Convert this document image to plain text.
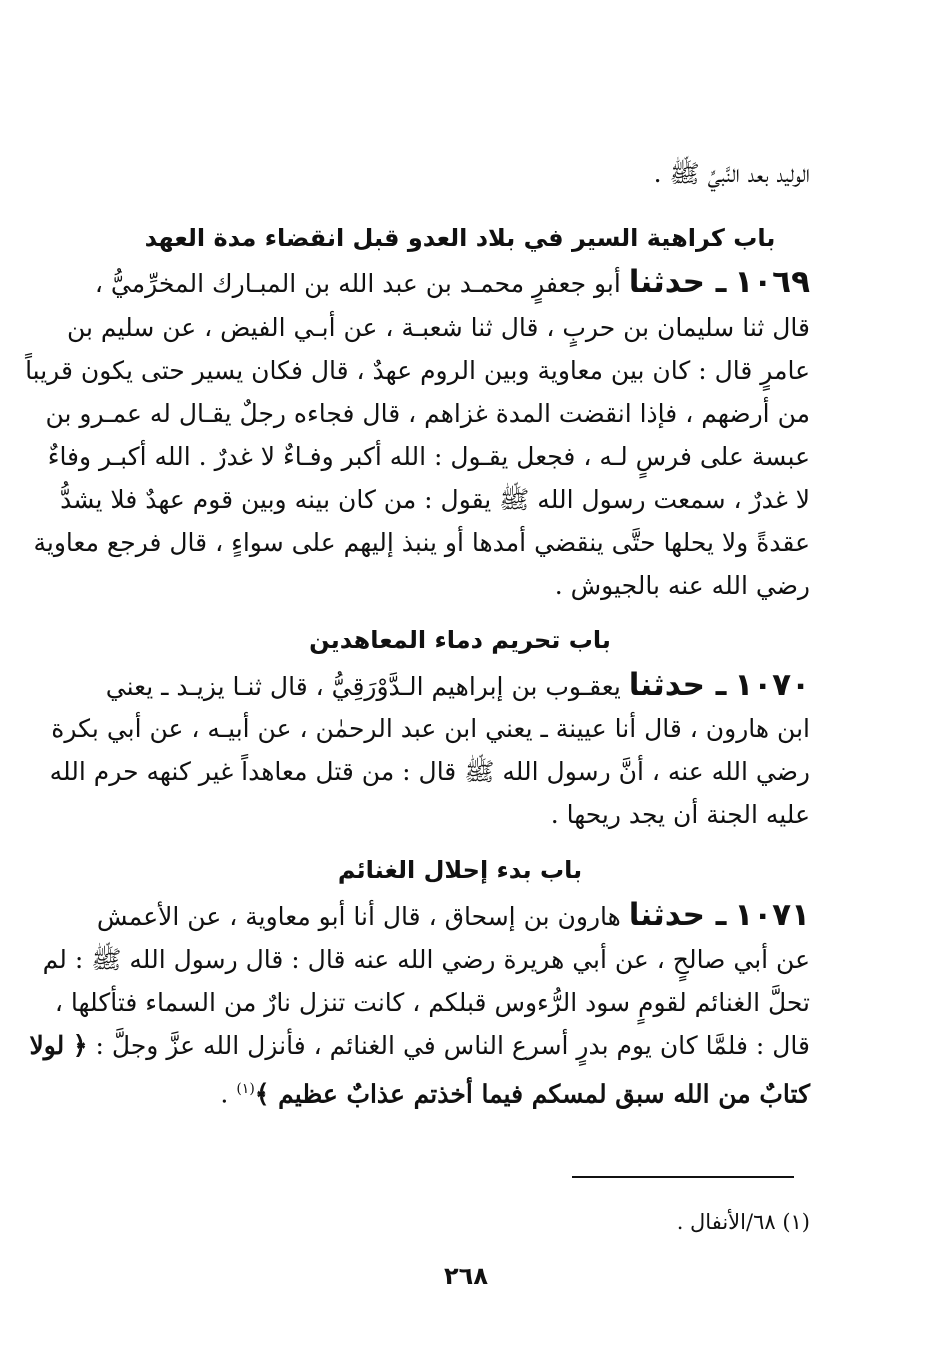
الوليد بعد النَّبيِّ ﷺ .
باب كراهية السير في بلاد العدو قبل انقضاء مدة العهد
١٠٦٩ ـ حدثنا أبو جعفرٍ محمـد بن عبد الله بن المبـارك المخرِّميُّ ،
قال ثنا سليمان بن حربٍ ، قال ثنا شعبـة ، عن أبـي الفيض ، عن سليم بن
عامرٍ قال : كان بين معاوية وبين الروم عهدٌ ، قال فكان يسير حتى يكون قريباً
من أرضهم ، فإذا انقضت المدة غزاهم ، قال فجاءه رجلٌ يقـال له عمـرو بن
عبسة على فرسٍ لـه ، فجعل يقـول : الله أكبر وفـاءٌ لا غدرٌ . الله أكبـر وفاءٌ
لا غدرٌ ، سمعت رسول الله ﷺ يقول : من كان بينه وبين قوم عهدٌ فلا يشدُّ
عقدةً ولا يحلها حتَّى ينقضي أمدها أو ينبذ إليهم على سواءٍ ، قال فرجع معاوية
رضي الله عنه بالجيوش .
باب تحريم دماء المعاهدين
١٠٧٠ ـ حدثنا يعقـوب بن إبراهيم الـدَّوْرَقِيُّ ، قال ثنـا يزيـد ـ يعني
ابن هارون ، قال أنا عيينة ـ يعني ابن عبد الرحمٰن ، عن أبيـه ، عن أبي بكرة
رضي الله عنه ، أنَّ رسول الله ﷺ قال : من قتل معاهداً غير كنهه حرم الله
عليه الجنة أن يجد ريحها .
باب بدء إحلال الغنائم
١٠٧١ ـ حدثنا هارون بن إسحاق ، قال أنا أبو معاوية ، عن الأعمش
عن أبي صالحٍ ، عن أبي هريرة رضي الله عنه قال : قال رسول الله ﷺ : لم
تحلَّ الغنائم لقومٍ سود الرُّءوس قبلكم ، كانت تنزل نارٌ من السماء فتأكلها ،
قال : فلمَّا كان يوم بدرٍ أسرع الناس في الغنائم ، فأنزل الله عزَّ وجلَّ : ﴿ لولا
كتابٌ من الله سبق لمسكم فيما أخذتم عذابٌ عظيم ﴾$^{(١)}$ .
(١) ٦٨/الأنفال .
٢٦٨
